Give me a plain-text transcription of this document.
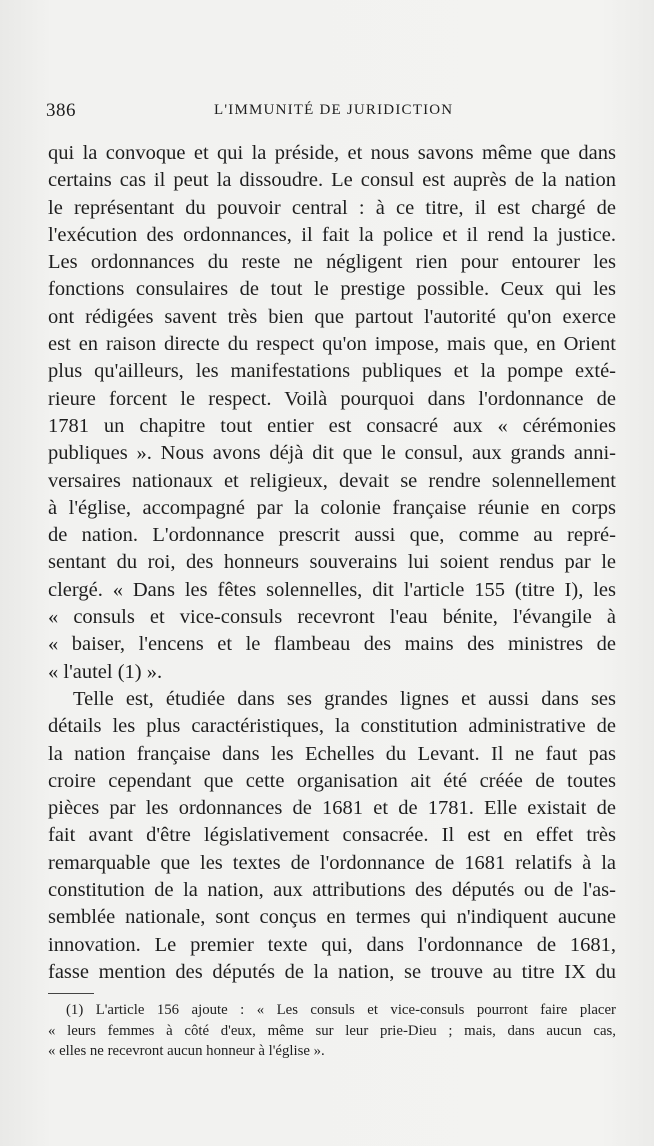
386	L'IMMUNITÉ DE JURIDICTION
qui la convoque et qui la préside, et nous savons même que dans
certains cas il peut la dissoudre. Le consul est auprès de la nation
le représentant du pouvoir central : à ce titre, il est chargé de
l'exécution des ordonnances, il fait la police et il rend la justice.
Les ordonnances du reste ne négligent rien pour entourer les
fonctions consulaires de tout le prestige possible. Ceux qui les
ont rédigées savent très bien que partout l'autorité qu'on exerce
est en raison directe du respect qu'on impose, mais que, en Orient
plus qu'ailleurs, les manifestations publiques et la pompe exté-
rieure forcent le respect. Voilà pourquoi dans l'ordonnance de
1781 un chapitre tout entier est consacré aux « cérémonies
publiques ». Nous avons déjà dit que le consul, aux grands anni-
versaires nationaux et religieux, devait se rendre solennellement
à l'église, accompagné par la colonie française réunie en corps
de nation. L'ordonnance prescrit aussi que, comme au repré-
sentant du roi, des honneurs souverains lui soient rendus par le
clergé. « Dans les fêtes solennelles, dit l'article 155 (titre I), les
« consuls et vice-consuls recevront l'eau bénite, l'évangile à
« baiser, l'encens et le flambeau des mains des ministres de
« l'autel (1) ».
Telle est, étudiée dans ses grandes lignes et aussi dans ses
détails les plus caractéristiques, la constitution administrative de
la nation française dans les Echelles du Levant. Il ne faut pas
croire cependant que cette organisation ait été créée de toutes
pièces par les ordonnances de 1681 et de 1781. Elle existait de
fait avant d'être législativement consacrée. Il est en effet très
remarquable que les textes de l'ordonnance de 1681 relatifs à la
constitution de la nation, aux attributions des députés ou de l'as-
semblée nationale, sont conçus en termes qui n'indiquent aucune
innovation. Le premier texte qui, dans l'ordonnance de 1681,
fasse mention des députés de la nation, se trouve au titre IX du
(1) L'article 156 ajoute : « Les consuls et vice-consuls pourront faire placer
« leurs femmes à côté d'eux, même sur leur prie-Dieu ; mais, dans aucun cas,
« elles ne recevront aucun honneur à l'église ».
